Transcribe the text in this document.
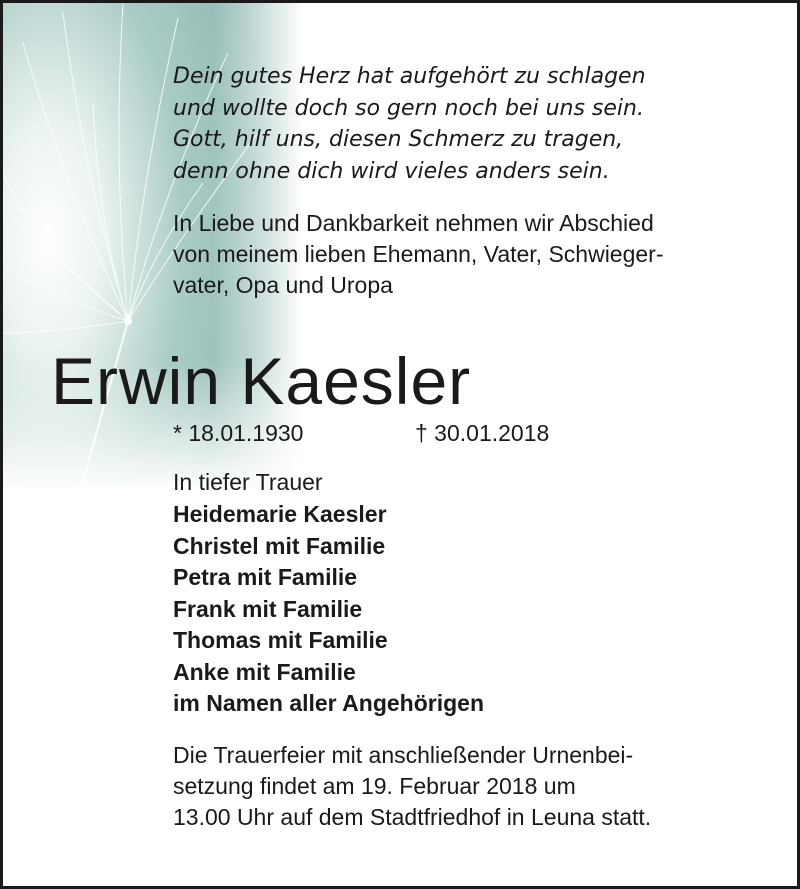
Dein gutes Herz hat aufgehört zu schlagen
und wollte doch so gern noch bei uns sein.
Gott, hilf uns, diesen Schmerz zu tragen,
denn ohne dich wird vieles anders sein.
In Liebe und Dankbarkeit nehmen wir Abschied
von meinem lieben Ehemann, Vater, Schwieger-
vater, Opa und Uropa
Erwin Kaesler
* 18.01.1930	† 30.01.2018
In tiefer Trauer
Heidemarie Kaesler
Christel mit Familie
Petra mit Familie
Frank mit Familie
Thomas mit Familie
Anke mit Familie
im Namen aller Angehörigen
Die Trauerfeier mit anschließender Urnenbei-
setzung findet am 19. Februar 2018 um
13.00 Uhr auf dem Stadtfriedhof in Leuna statt.
